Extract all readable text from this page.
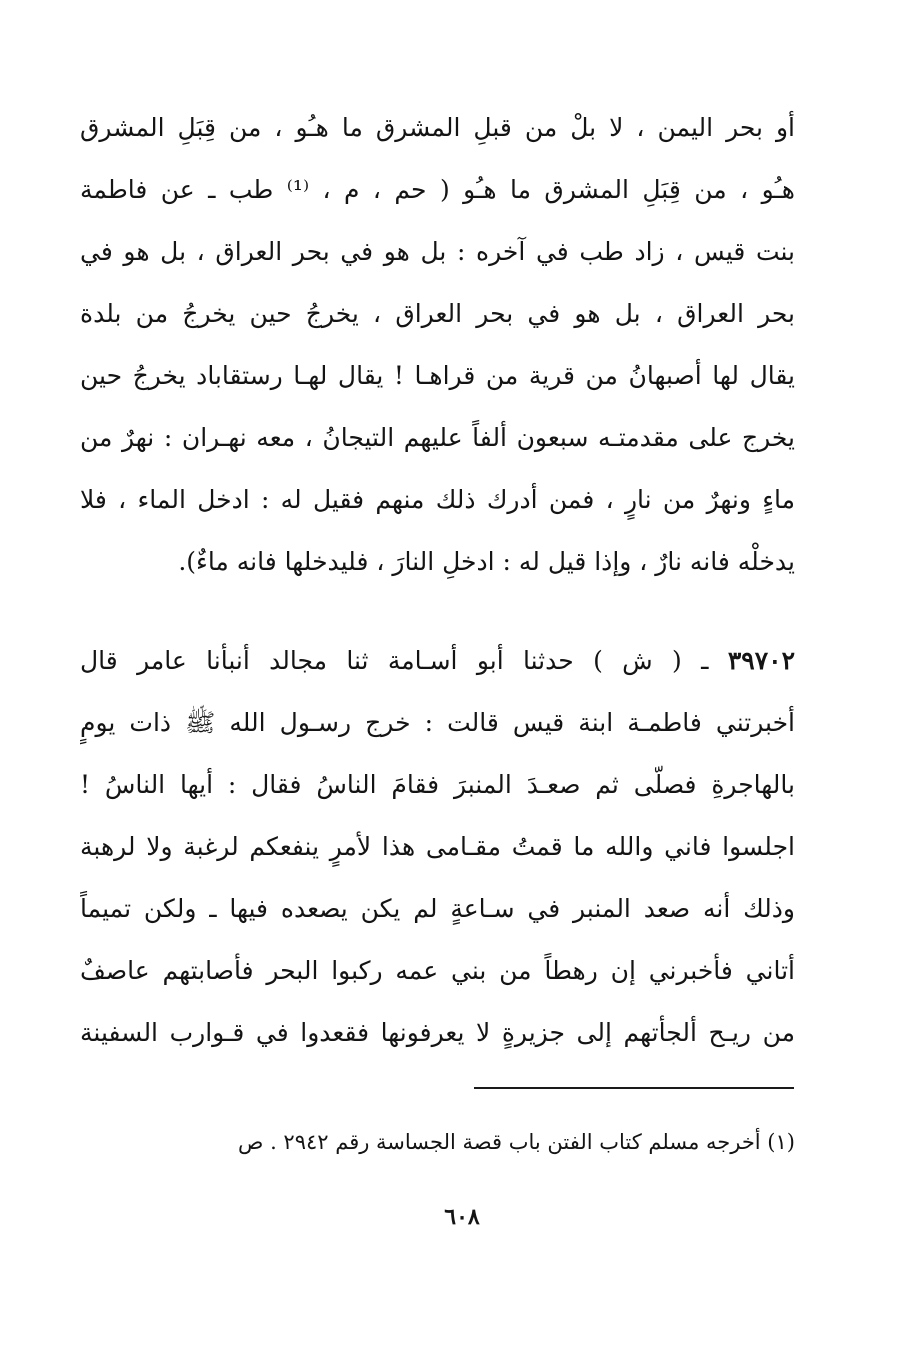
أو بحر اليمن ، لا بلْ من قبلِ المشرق ما هـُو ، من قِبَلِ المشرق
هـُو ، من قِبَلِ المشرق ما هـُو ( حم ، م ، ⁽¹⁾ طب ـ عن فاطمة
بنت قيس ، زاد طب في آخره : بل هو في بحر العراق ، بل هو في
بحر العراق ، بل هو في بحر العراق ، يخرجُ حين يخرجُ من بلدة
يقال لها أصبهانُ من قرية من قراهـا ! يقال لهـا رستقاباد يخرجُ حين
يخرج على مقدمتـه سبعون ألفاً عليهم التيجانُ ، معه نهـران : نهرٌ من
ماءٍ ونهرٌ من نارٍ ، فمن أدرك ذلك منهم فقيل له : ادخل الماء ، فلا
يدخلْه فانه نارٌ ، وإذا قيل له : ادخلِ النارَ ، فليدخلها فانه ماءٌ).
٣٩٧٠٢ ـ ( ش ) حدثنا أبو أسـامة ثنا مجالد أنبأنا عامر قال
أخبرتني فاطمـة ابنة قيس قالت : خرج رسـول الله ﷺ ذات يومٍ
بالهاجرةِ فصلّى ثم صعـدَ المنبرَ فقامَ الناسُ فقال : أيها الناسُ !
اجلسوا فاني والله ما قمتُ مقـامى هذا لأمرٍ ينفعكم لرغبة ولا لرهبة
وذلك أنه صعد المنبر في سـاعةٍ لم يكن يصعده فيها ـ ولكن تميماً
أتاني فأخبرني إن رهطاً من بني عمه ركبوا البحر فأصابتهم عاصفٌ
من ريـح ألجأتهم إلى جزيرةٍ لا يعرفونها فقعدوا في قـوارب السفينة
(١) أخرجه مسلم كتاب الفتن باب قصة الجساسة رقم ٢٩٤٢ . ص
٦٠٨
